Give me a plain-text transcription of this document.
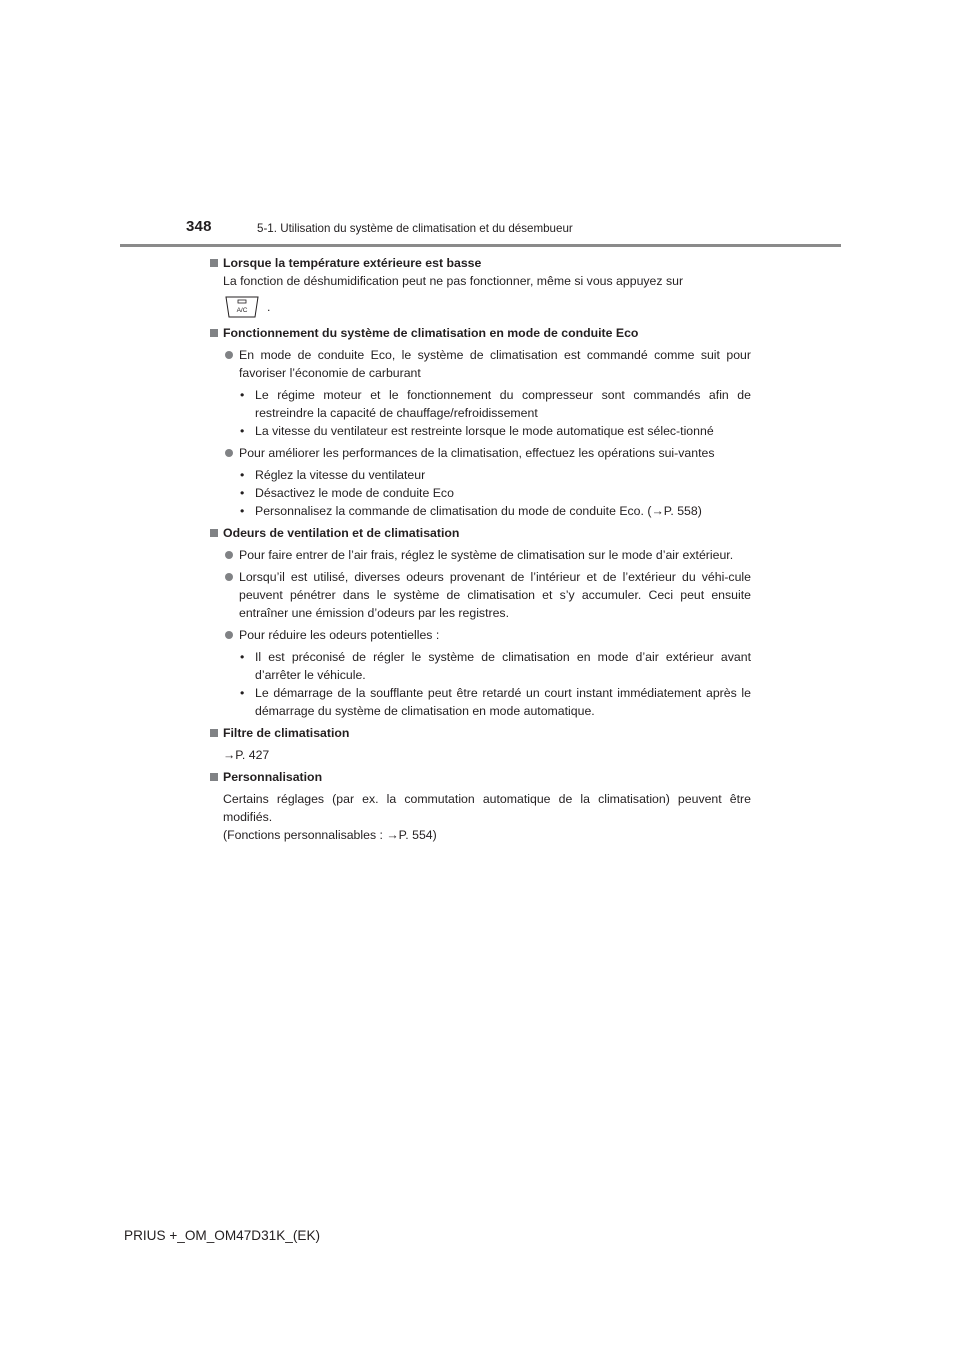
348	5-1. Utilisation du système de climatisation et du désembueur
Lorsque la température extérieure est basse
La fonction de déshumidification peut ne pas fonctionner, même si vous appuyez sur
A/C .
Fonctionnement du système de climatisation en mode de conduite Eco
En mode de conduite Eco, le système de climatisation est commandé comme suit pour favoriser l’économie de carburant
• Le régime moteur et le fonctionnement du compresseur sont commandés afin de restreindre la capacité de chauffage/refroidissement
• La vitesse du ventilateur est restreinte lorsque le mode automatique est sélec-tionné
Pour améliorer les performances de la climatisation, effectuez les opérations sui-vantes
• Réglez la vitesse du ventilateur
• Désactivez le mode de conduite Eco
• Personnalisez la commande de climatisation du mode de conduite Eco. (→P. 558)
Odeurs de ventilation et de climatisation
Pour faire entrer de l’air frais, réglez le système de climatisation sur le mode d’air extérieur.
Lorsqu’il est utilisé, diverses odeurs provenant de l’intérieur et de l’extérieur du véhi-cule peuvent pénétrer dans le système de climatisation et s’y accumuler. Ceci peut ensuite entraîner une émission d’odeurs par les registres.
Pour réduire les odeurs potentielles :
• Il est préconisé de régler le système de climatisation en mode d’air extérieur avant d’arrêter le véhicule.
• Le démarrage de la soufflante peut être retardé un court instant immédiatement après le démarrage du système de climatisation en mode automatique.
Filtre de climatisation
→P. 427
Personnalisation
Certains réglages (par ex. la commutation automatique de la climatisation) peuvent être modifiés.
(Fonctions personnalisables : →P. 554)
PRIUS +_OM_OM47D31K_(EK)
